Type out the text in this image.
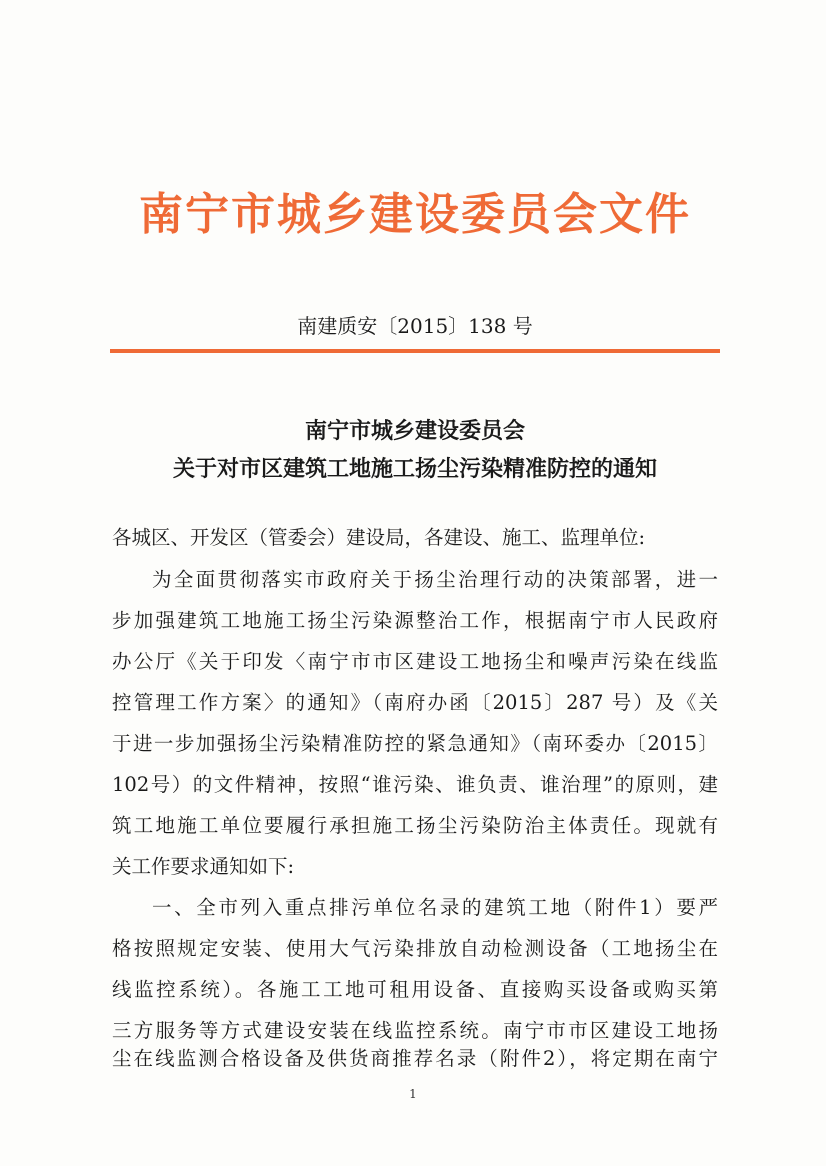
南宁市城乡建设委员会文件
南建质安〔2015〕138 号
南宁市城乡建设委员会
关于对市区建筑工地施工扬尘污染精准防控的通知
各城区、开发区（管委会）建设局，各建设、施工、监理单位:
为全面贯彻落实市政府关于扬尘治理行动的决策部署，进一
步加强建筑工地施工扬尘污染源整治工作，根据南宁市人民政府
办公厅《关于印发〈南宁市市区建设工地扬尘和噪声污染在线监
控管理工作方案〉的通知》（南府办函〔2015〕287 号）及《关
于进一步加强扬尘污染精准防控的紧急通知》（南环委办〔2015〕
102号）的文件精神，按照“谁污染、谁负责、谁治理”的原则，建
筑工地施工单位要履行承担施工扬尘污染防治主体责任。现就有
关工作要求通知如下:
一、全市列入重点排污单位名录的建筑工地（附件1）要严
格按照规定安装、使用大气污染排放自动检测设备（工地扬尘在
线监控系统）。各施工工地可租用设备、直接购买设备或购买第
三方服务等方式建设安装在线监控系统。南宁市市区建设工地扬
1
尘在线监测合格设备及供货商推荐名录（附件2），将定期在南宁
